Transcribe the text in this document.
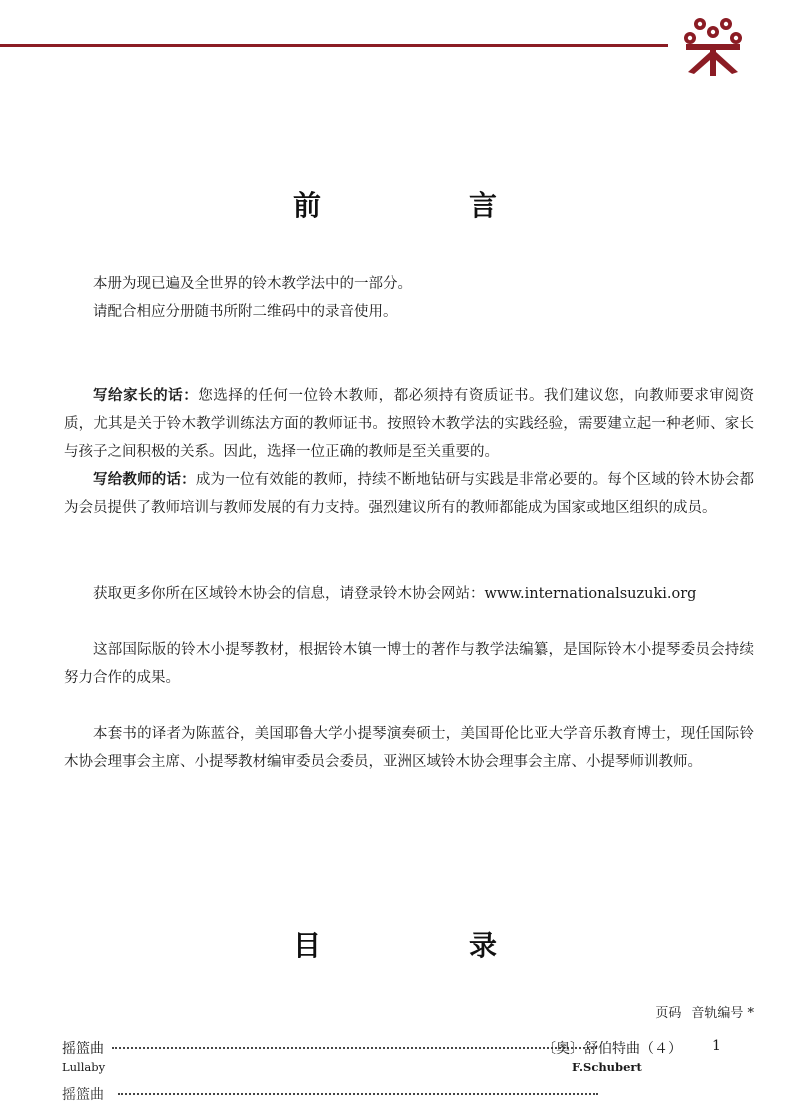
前　言

本册为现已遍及全世界的铃木教学法中的一部分。

请配合相应分册随书所附二维码中的录音使用。

写给家长的话：您选择的任何一位铃木教师，都必须持有资质证书。我们建议您，向教师要求审阅资质，尤其是关于铃木教学训练法方面的教师证书。按照铃木教学法的实践经验，需要建立起一种老师、家长与孩子之间积极的关系。因此，选择一位正确的教师是至关重要的。

写给教师的话：成为一位有效能的教师，持续不断地钻研与实践是非常必要的。每个区域的铃木协会都为会员提供了教师培训与教师发展的有力支持。强烈建议所有的教师都能成为国家或地区组织的成员。

获取更多你所在区域铃木协会的信息，请登录铃木协会网站：www.internationalsuzuki.org

这部国际版的铃木小提琴教材，根据铃木镇一博士的著作与教学法编纂，是国际铃木小提琴委员会持续努力合作的成果。

本套书的译者为陈蓝谷，美国耶鲁大学小提琴演奏硕士，美国哥伦比亚大学音乐教育博士，现任国际铃木协会理事会主席、小提琴教材编审委员会委员，亚洲区域铃木协会理事会主席、小提琴师训教师。

目　录
页码 音轨编号 *
摇篮曲	〔奥〕舒伯特曲（４） 1
Lullaby	F.Schubert
摇篮曲
